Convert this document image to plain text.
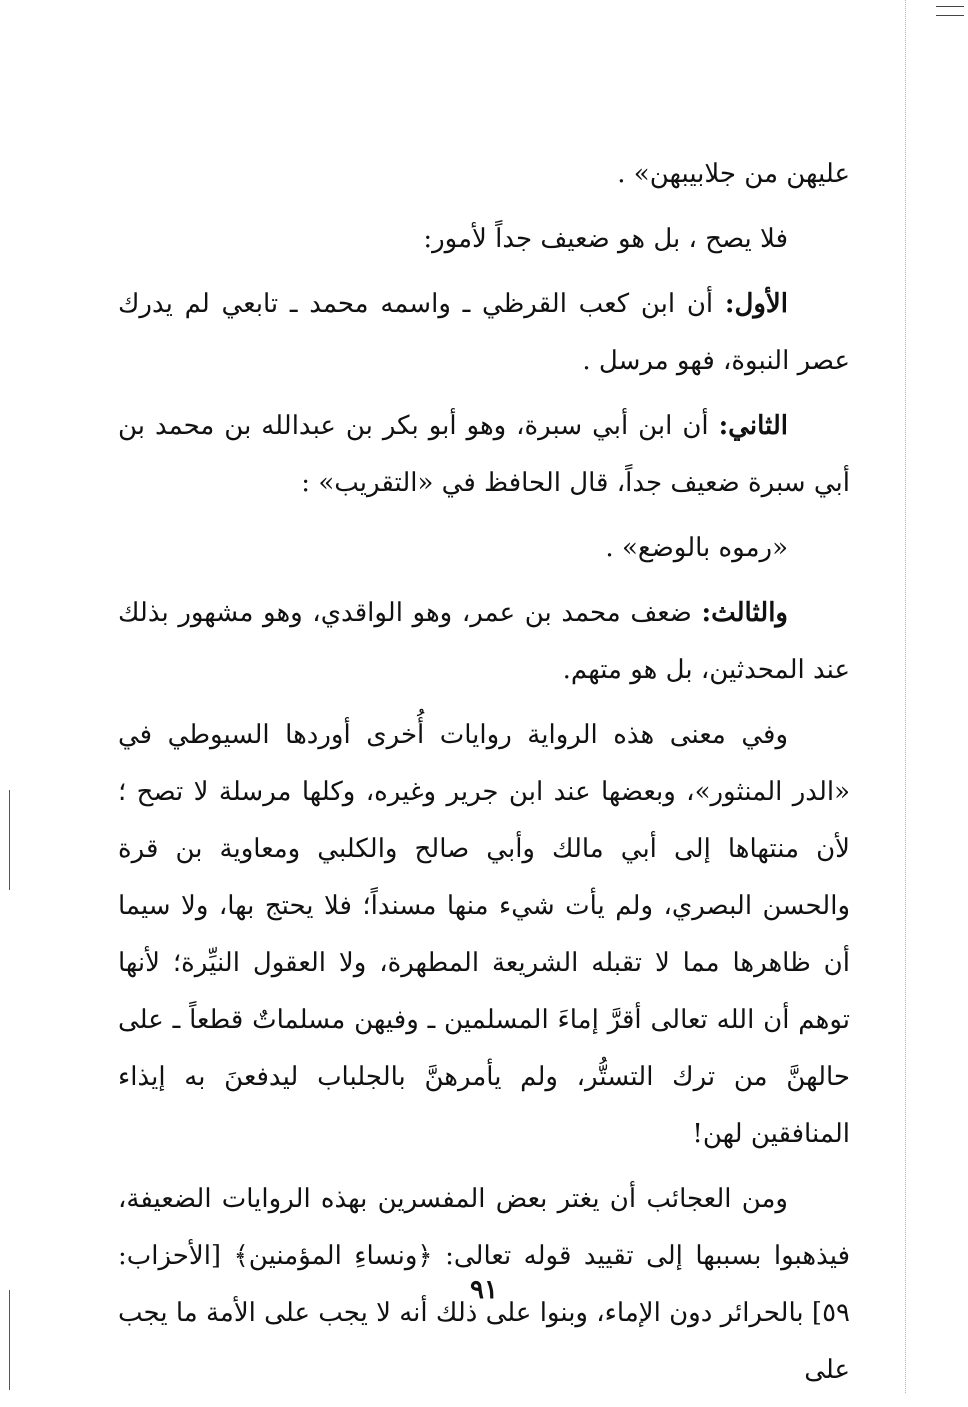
عليهن من جلابيبهن» .

فلا يصح ، بل هو ضعيف جداً لأمور:

الأول: أن ابن كعب القرظي ـ واسمه محمد ـ تابعي لم يدرك عصر النبوة، فهو مرسل .

الثاني: أن ابن أبي سبرة، وهو أبو بكر بن عبدالله بن محمد بن أبي سبرة ضعيف جداً، قال الحافظ في «التقريب» :

«رموه بالوضع» .

والثالث: ضعف محمد بن عمر، وهو الواقدي، وهو مشهور بذلك عند المحدثين، بل هو متهم.

وفي معنى هذه الرواية روايات أُخرى أوردها السيوطي في «الدر المنثور»، وبعضها عند ابن جرير وغيره، وكلها مرسلة لا تصح ؛ لأن منتهاها إلى أبي مالك وأبي صالح والكلبي ومعاوية بن قرة والحسن البصري، ولم يأت شيء منها مسنداً؛ فلا يحتج بها، ولا سيما أن ظاهرها مما لا تقبله الشريعة المطهرة، ولا العقول النيِّرة؛ لأنها توهم أن الله تعالى أقرَّ إماءَ المسلمين ـ وفيهن مسلماتٌ قطعاً ـ على حالهنَّ من ترك التستُّر، ولم يأمرهنَّ بالجلباب ليدفعنَ به إيذاء المنافقين لهن!

ومن العجائب أن يغتر بعض المفسرين بهذه الروايات الضعيفة، فيذهبوا بسببها إلى تقييد قوله تعالى: ﴿ونساءِ المؤمنين﴾ [الأحزاب: ٥٩] بالحرائر دون الإماء، وبنوا على ذلك أنه لا يجب على الأمة ما يجب على

٩١
